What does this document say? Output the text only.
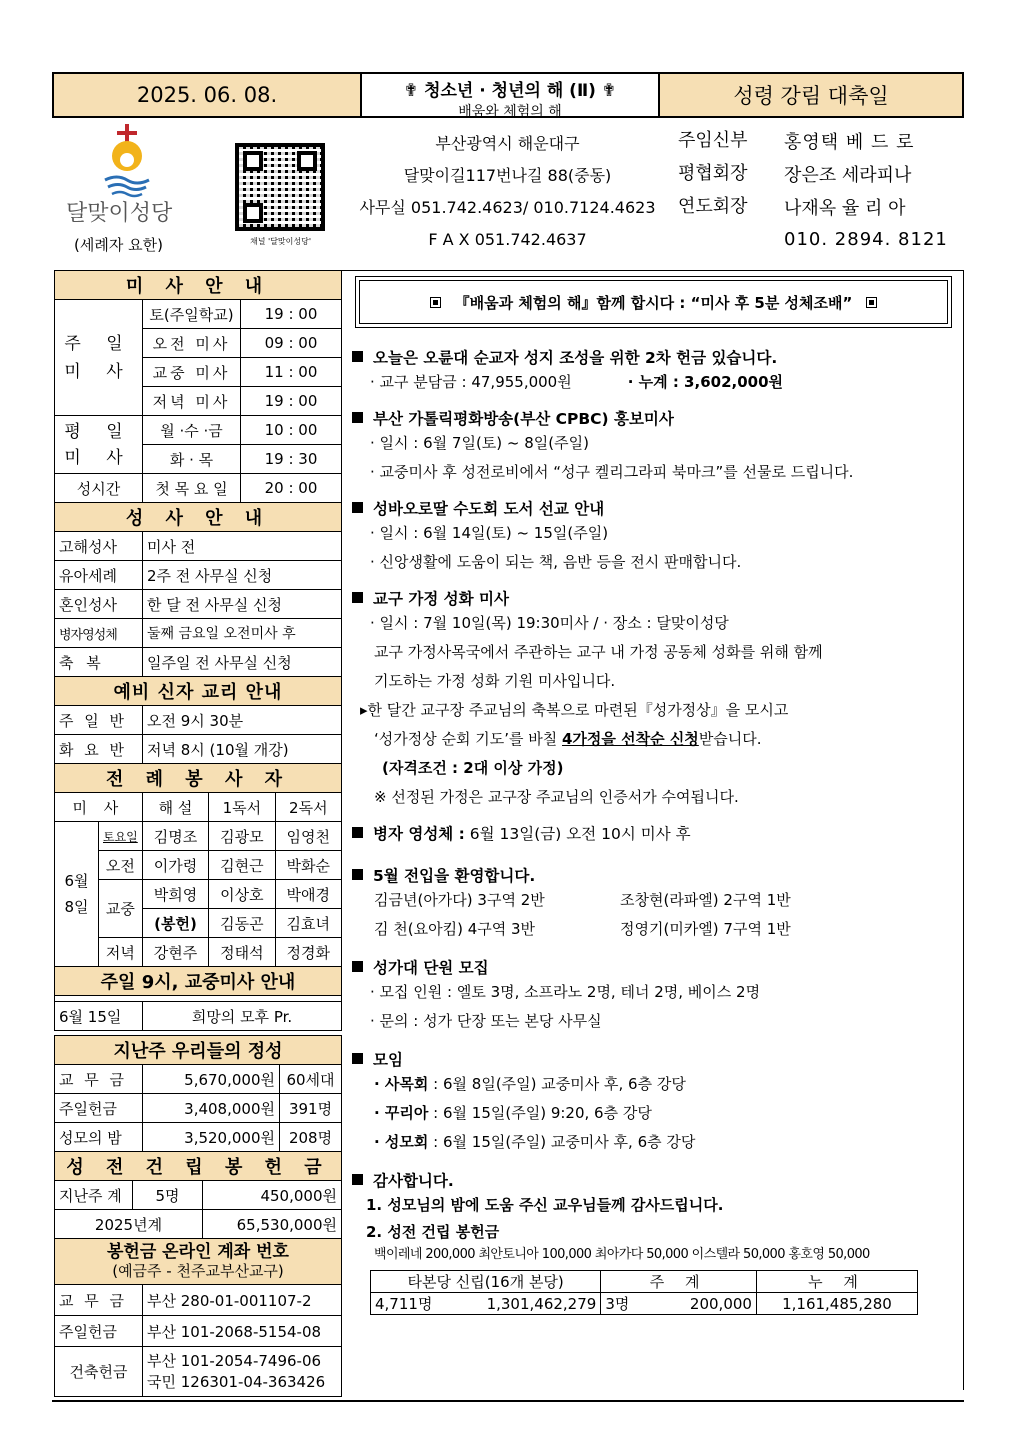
2025. 06. 08.	✟ 청소년 · 청년의 해 (Ⅱ) ✟
배움와 체험의 해
성령 강림 대축일
달맞이성당
(세례자 요한)	채널 '달맞이성당'
부산광역시 해운대구
달맞이길117번나길 88(중동)
사무실 051.742.4623/ 010.7124.4623
F A X 051.742.4637
주임신부	홍영택 베 드 로
평협회장	장은조 세라피나
연도회장	나재옥 율 리 아
	010. 2894. 8121
미 사 안 내		
주 일 미 사	토(주일학교)	19 : 00
	오전 미사	09 : 00
	교중 미사	11 : 00
	저녁 미사	19 : 00
평 일 미 사	월 ·수 ·금	10 : 00
	화 · 목	19 : 30
성시간	첫 목 요 일	20 : 00
성 사 안 내	
고해성사	미사 전
유아세례	2주 전 사무실 신청
혼인성사	한 달 전 사무실 신청
병자영성체	둘째 금요일 오전미사 후
축 복	일주일 전 사무실 신청
예비 신자 교리 안내	
주 일 반	오전 9시 30분
화 요 반	저녁 8시 (10월 개강)
전 례 봉 사 자				
미 사		해 설	1독서	2독서
6월 8일	토요일	김명조	김광모	임영천
	오전	이가령	김현근	박화순
	교중	박희영	이상호	박애경
		(봉헌)	김동곤	김효녀
	저녁	강현주	정태석	정경화
주일 9시, 교중미사 안내

6월 15일	희망의 모후 Pr.
지난주 우리들의 정성		
교 무 금	5,670,000원	60세대
주일헌금	3,408,000원	391명
성모의 밤	3,520,000원	208명
성 전 건 립 봉 헌 금		
지난주 계	5명	450,000원
2025년계		65,530,000원
봉헌금 온라인 계좌 번호
(예금주 - 천주교부산교구)	

교 무 금	부산 280-01-001107-2
주일헌금	부산 101-2068-5154-08
건축헌금	부산 101-2054-7496-06
국민 126301-04-363426
『배움과 체험의 해』함께 합시다 : “미사 후 5분 성체조배”
오늘은 오륜대 순교자 성지 조성을 위한 2차 헌금 있습니다.
· 교구 분담금 : 47,955,000원	· 누계 : 3,602,000원
부산 가톨릭평화방송(부산 CPBC) 홍보미사
· 일시 : 6월 7일(토) ~ 8일(주일)
· 교중미사 후 성전로비에서 “성구 켈리그라피 북마크”를 선물로 드립니다.
성바오로딸 수도회 도서 선교 안내
· 일시 : 6월 14일(토) ~ 15일(주일)
· 신앙생활에 도움이 되는 책, 음반 등을 전시 판매합니다.
교구 가정 성화 미사
· 일시 : 7월 10일(목) 19:30미사 / · 장소 : 달맞이성당
교구 가정사목국에서 주관하는 교구 내 가정 공동체 성화를 위해 함께
기도하는 가정 성화 기원 미사입니다.
▸한 달간 교구장 주교님의 축복으로 마련된『성가정상』을 모시고
‘성가정상 순회 기도’를 바칠 4가정을 선착순 신청받습니다.
(자격조건 : 2대 이상 가정)
※ 선정된 가정은 교구장 주교님의 인증서가 수여됩니다.
병자 영성체 : 6월 13일(금) 오전 10시 미사 후
5월 전입을 환영합니다.
김금년(아가다) 3구역 2반	조창현(라파엘) 2구역 1반
김 천(요아킴) 4구역 3반	정영기(미카엘) 7구역 1반
성가대 단원 모집
· 모집 인원 : 엘토 3명, 소프라노 2명, 테너 2명, 베이스 2명
· 문의 : 성가 단장 또는 본당 사무실
모임
· 사목회 : 6월 8일(주일) 교중미사 후, 6층 강당
· 꾸리아 : 6월 15일(주일) 9:20, 6층 강당
· 성모회 : 6월 15일(주일) 교중미사 후, 6층 강당
감사합니다.
1. 성모님의 밤에 도움 주신 교우님들께 감사드립니다.
2. 성전 건립 봉헌금
백이레네 200,000 최안토니아 100,000 최아가다 50,000 이스텔라 50,000 홍호영 50,000
타본당 신립(16개 본당)		주 계		누 계
4,711명	1,301,462,279	3명	200,000	1,161,485,280
